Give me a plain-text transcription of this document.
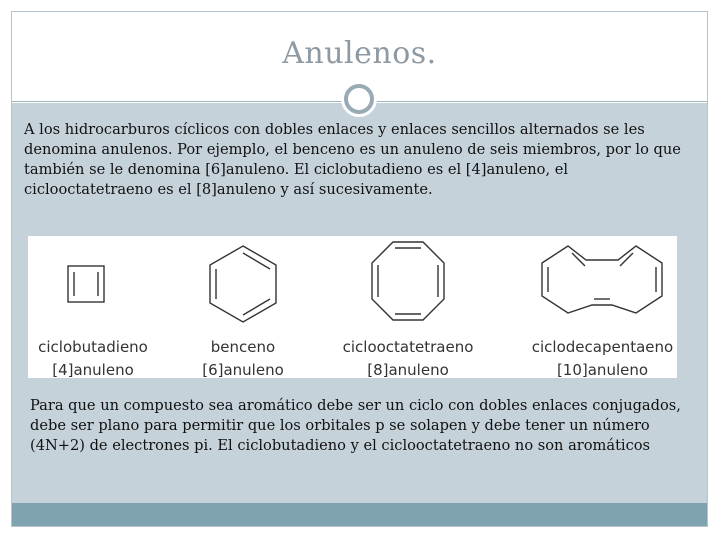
Anulenos.
A los hidrocarburos cíclicos con dobles enlaces y enlaces sencillos alternados se les denomina anulenos. Por ejemplo, el benceno es un anuleno de seis miembros, por lo que también se le denomina [6]anuleno. El ciclobutadieno es el [4]anuleno, el ciclooctatetraeno es el [8]anuleno y así sucesivamente.
ciclobutadieno
[4]anuleno
benceno
[6]anuleno
ciclooctatetraeno
[8]anuleno
ciclodecapentaeno
[10]anuleno
Para que un compuesto sea aromático debe ser un ciclo con dobles enlaces conjugados, debe ser plano para permitir que los orbitales p se solapen y debe tener un número (4N+2) de electrones pi. El ciclobutadieno y el ciclooctatetraeno no son aromáticos
